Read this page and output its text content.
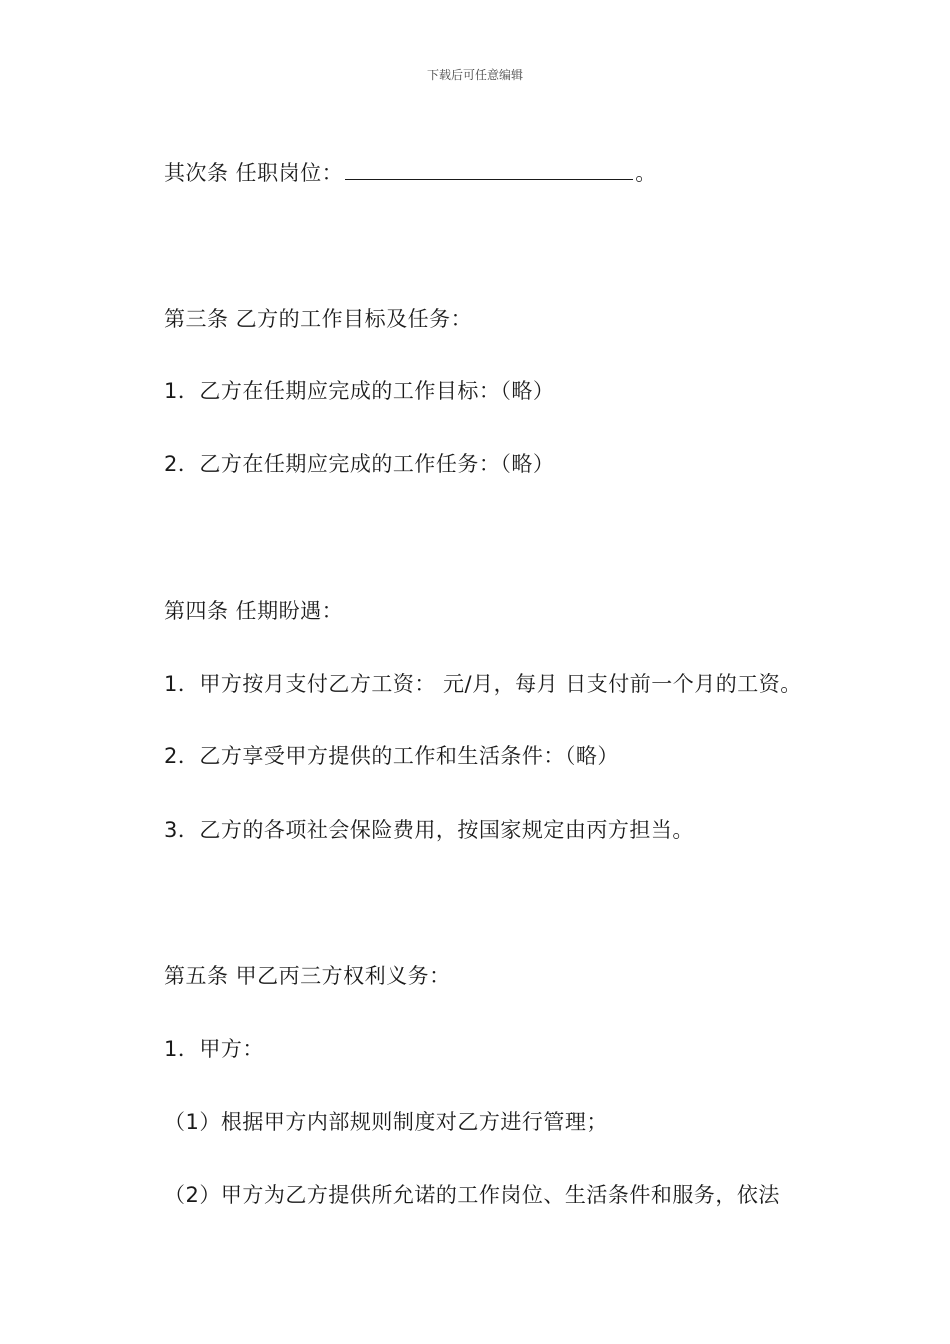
下载后可任意编辑
其次条 任职岗位：	。
第三条 乙方的工作目标及任务：
1．乙方在任期应完成的工作目标：（略）
2．乙方在任期应完成的工作任务：（略）
第四条 任期盼遇：
1．甲方按月支付乙方工资： 元/月，每月 日支付前一个月的工资。
2．乙方享受甲方提供的工作和生活条件：（略）
3．乙方的各项社会保险费用，按国家规定由丙方担当。
第五条 甲乙丙三方权利义务：
1．甲方：
（1）根据甲方内部规则制度对乙方进行管理；
（2）甲方为乙方提供所允诺的工作岗位、生活条件和服务，依法
